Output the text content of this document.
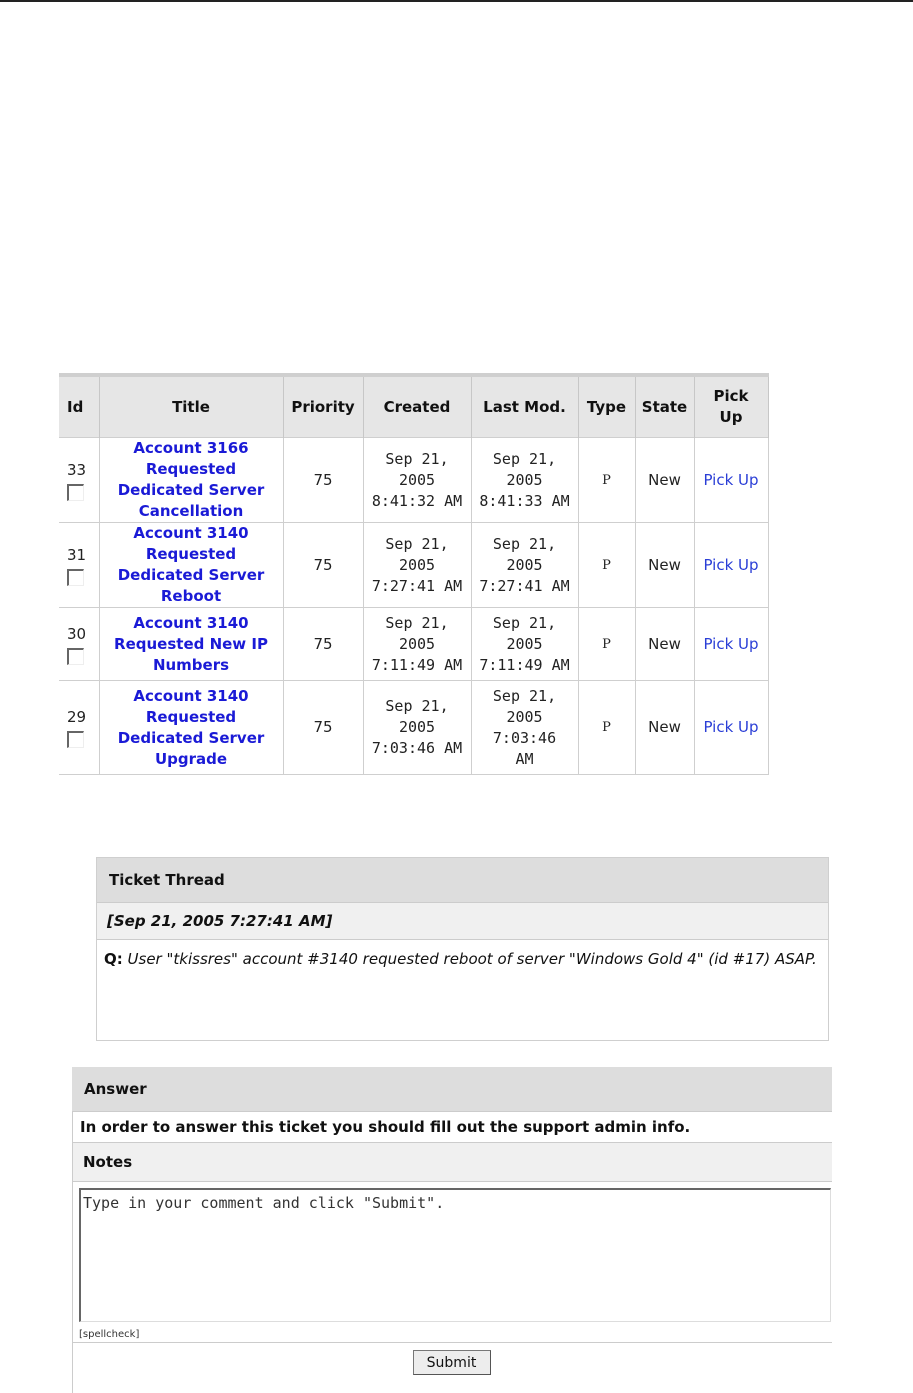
Id	Title	Priority	Created	Last Mod.	Type	State	Pick Up
33	Account 3166 Requested Dedicated Server Cancellation	75	Sep 21, 2005 8:41:32 AM	Sep 21, 2005 8:41:33 AM	P	New	Pick Up
31	Account 3140 Requested Dedicated Server Reboot	75	Sep 21, 2005 7:27:41 AM	Sep 21, 2005 7:27:41 AM	P	New	Pick Up
30	Account 3140 Requested New IP Numbers	75	Sep 21, 2005 7:11:49 AM	Sep 21, 2005 7:11:49 AM	P	New	Pick Up
29	Account 3140 Requested Dedicated Server Upgrade	75	Sep 21, 2005 7:03:46 AM	Sep 21, 2005 7:03:46 AM	P	New	Pick Up
Ticket Thread
[Sep 21, 2005 7:27:41 AM]
Q: User "tkissres" account #3140 requested reboot of server "Windows Gold 4" (id #17) ASAP.
Answer
In order to answer this ticket you should fill out the support admin info.
Notes
Type in your comment and click "Submit".
[spellcheck]
Submit
